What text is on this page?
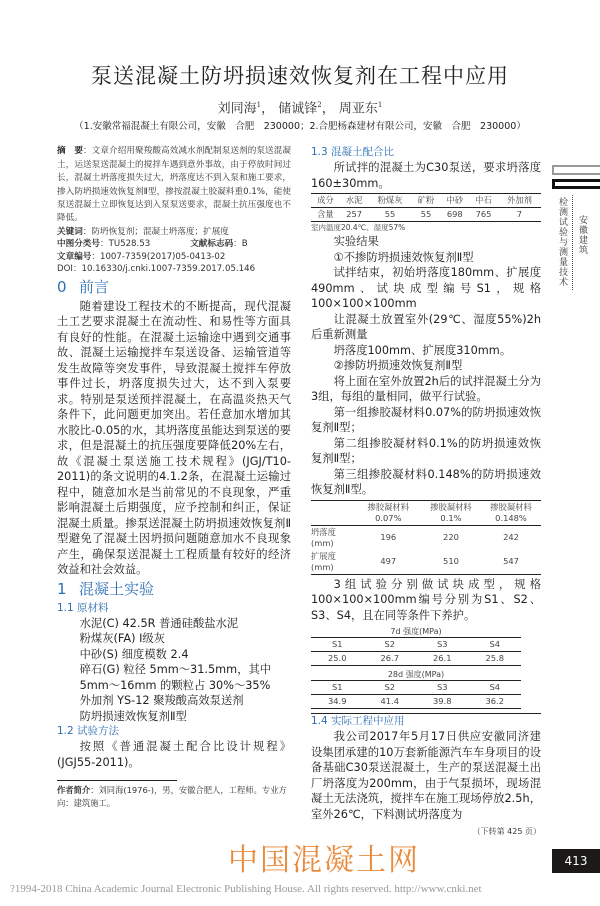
泵送混凝土防坍损速效恢复剂在工程中应用
刘同海$^1$， 储诚锋$^2$， 周亚东$^1$
（1.安徽常福混凝土有限公司，安徽　合肥　230000；2.合肥杨森建材有限公司，安徽　合肥　230000）
摘　要：文章介绍用聚羧酸高效减水剂配制泵送剂的泵送混凝土，运送泵送混凝土的搅拌车遇到意外事故，由于停放时间过长，混凝土坍落度损失过大，坍落度达不到入泵和施工要求，掺入防坍损速效恢复剂Ⅱ型，掺按混凝土胶凝料重0.1%，能使泵送混凝土立即恢复达到入泵泵送要求，混凝土抗压强度也不降低。
关键词：防坍恢复剂；混凝土坍落度；扩展度
中图分类号：TU528.53	文献标志码：B
文章编号：1007-7359(2017)05-0413-02
DOI：10.16330/j.cnki.1007-7359.2017.05.146
0 前言

随着建设工程技术的不断提高，现代混凝土工艺要求混凝土在流动性、和易性等方面具有良好的性能。在混凝土运输途中遇到交通事故、混凝土运输搅拌车泵送设备、运输管道等发生故障等突发事件，导致混凝土搅拌车停放事件过长，坍落度损失过大，达不到入泵要求。特别是泵送预拌混凝土，在高温炎热天气条件下，此问题更加突出。若任意加水增加其水胶比-0.05的水，其坍落度虽能达到泵送的要求，但是混凝土的抗压强度要降低20%左右，故《混凝土泵送施工技术规程》(JGJ/T10-2011)的条文说明的4.1.2条，在混凝土运输过程中，随意加水是当前常见的不良现象，严重影响混凝土后期强度，应予控制和纠正，保证混凝土质量。掺泵送混凝土防坍损速效恢复剂Ⅱ型避免了混凝土因坍损问题随意加水不良现象产生，确保泵送混凝土工程质量有较好的经济效益和社会效益。

1 混凝土实验
1.1 原材料

水泥(C) 42.5R 普通硅酸盐水泥

粉煤灰(FA) Ⅰ级灰

中砂(S) 细度模数 2.4

碎石(G) 粒径 5mm～31.5mm，其中

5mm～16mm 的颗粒占 30%～35%

外加剂 YS-12 聚羧酸高效泵送剂

防坍损速效恢复剂Ⅱ型

1.2 试验方法

按照《普通混凝土配合比设计规程》(JGJ55-2011)。

作者简介：刘同海(1976-)，男，安徽合肥人，工程师。专业方向：建筑施工。
1.3 混凝土配合比

所试拌的混凝土为C30泵送，要求坍落度160±30mm。

成分	水泥	粉煤灰	矿粉	中砂	中石	外加剂
含量	257	55	55	698	765	7
室内温度20.4℃、湿度57%

实验结果

①不掺防坍损速效恢复剂Ⅱ型

试拌结束，初始坍落度180mm、扩展度490mm、试块成型编号S1，规格100×100×100mm

让混凝土放置室外(29℃、湿度55%)2h后重新测量

坍落度100mm、扩展度310mm。

②掺防坍损速效恢复剂Ⅱ型

将上面在室外放置2h后的试拌混凝土分为3组，每组的量相同，做平行试验。

第一组掺胶凝材料0.07%的防坍损速效恢复剂Ⅱ型；

第二组掺胶凝材料0.1%的防坍损速效恢复剂Ⅱ型；

第三组掺胶凝材料0.148%的防坍损速效恢复剂Ⅱ型。

	掺胶凝材料 0.07%	掺胶凝材料 0.1%	掺胶凝材料 0.148%
坍落度(mm)	196	220	242
扩展度(mm)	497	510	547

3组试验分别做试块成型，规格100×100×100mm编号分别为S1、S2、S3、S4，且在同等条件下养护。

7d 强度(MPa)
S1	S2	S3	S4
25.0	26.7	26.1	25.8
28d 强度(MPa)
S1	S2	S3	S4
34.9	41.4	39.8	36.2
1.4 实际工程中应用

我公司2017年5月17日供应安徽同济建设集团承建的10万套新能源汽车车身项目的设备基础C30泵送混凝土，生产的泵送混凝土出厂坍落度为200mm，由于气泵损坏，现场混凝土无法浇筑，搅拌车在施工现场停放2.5h，室外26℃，下料测试坍落度为

（下转第 425 页）
检测试验与测量技术 安徽建筑
中国混凝土网	413
?1994-2018 China Academic Journal Electronic Publishing House. All rights reserved. http://www.cnki.net
